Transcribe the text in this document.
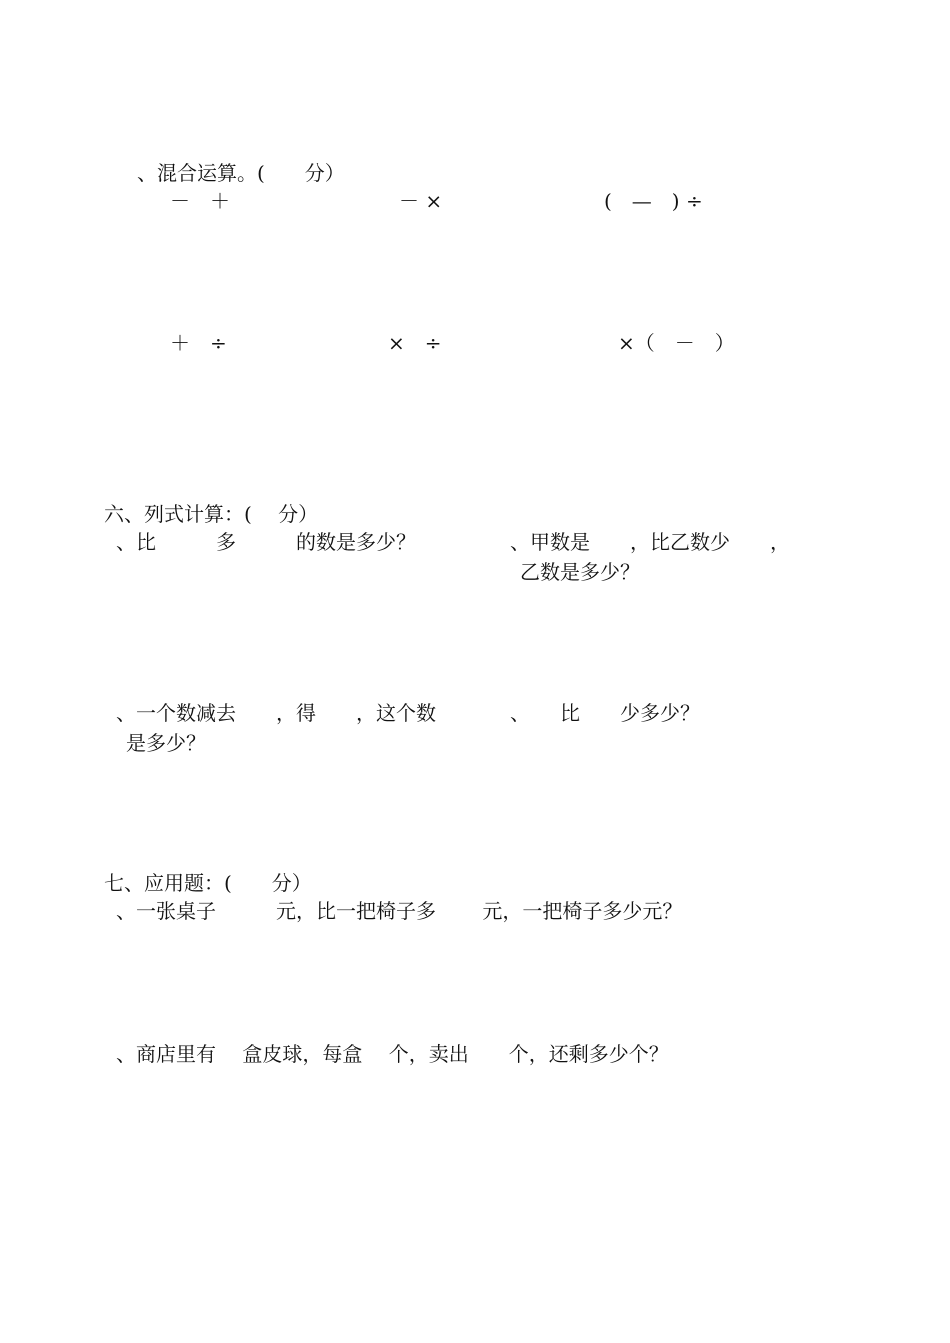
、混合运算。(　　分）
－　＋	－ ×	(　—　) ÷
＋　÷	×　÷	×（　－　）
六、列式计算：(　 分）
、比　　　多　　　的数是多少？	、甲数是　　，比乙数少　　，
乙数是多少？
、一个数减去　　，得　　，这个数
是多少？
、　　比　　少多少？
七、应用题：(　　分）
、一张桌子　　　元，比一把椅子多　　 元，一把椅子多少元？
、商店里有　 盒皮球，每盒　 个，卖出　　个，还剩多少个？
